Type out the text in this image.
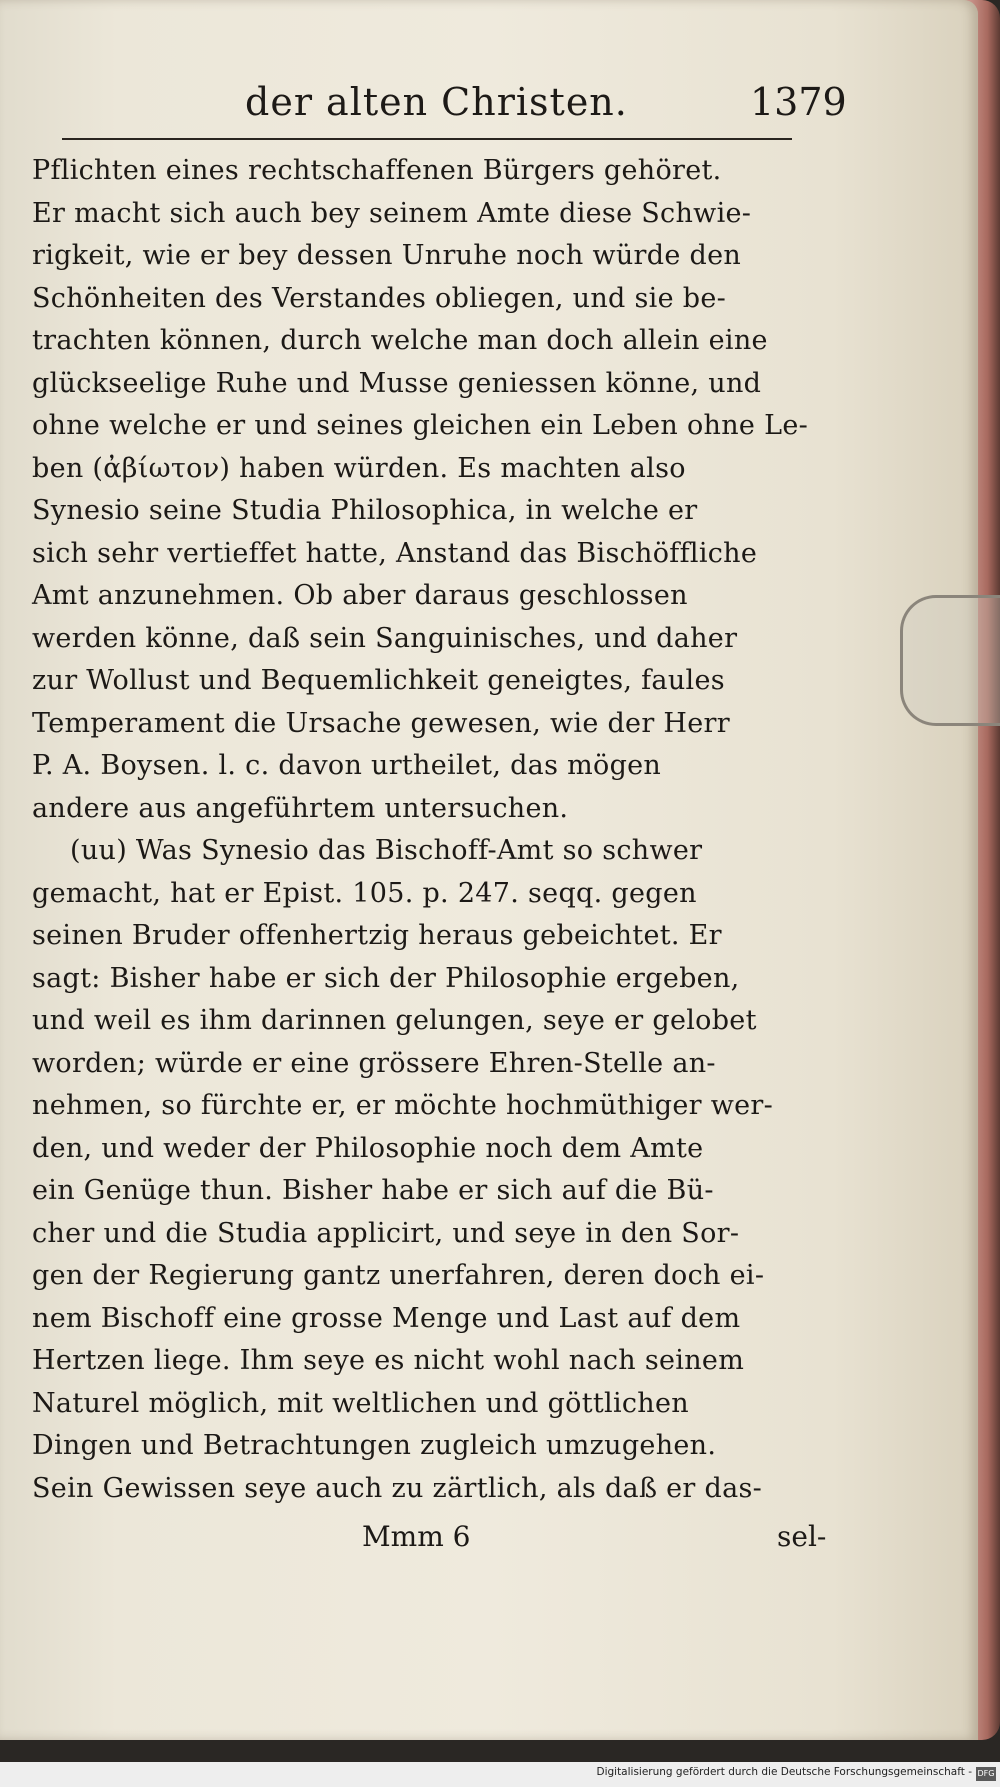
der alten Christen.	1379
Pflichten eines rechtschaffenen Bürgers gehöret.
Er macht sich auch bey seinem Amte diese Schwie-
rigkeit, wie er bey dessen Unruhe noch würde den
Schönheiten des Verstandes obliegen, und sie be-
trachten können, durch welche man doch allein eine
glückseelige Ruhe und Musse geniessen könne, und
ohne welche er und seines gleichen ein Leben ohne Le-
ben (ἀβίωτον) haben würden. Es machten also
Synesio seine Studia Philosophica, in welche er
sich sehr vertieffet hatte, Anstand das Bischöffliche
Amt anzunehmen. Ob aber daraus geschlossen
werden könne, daß sein Sanguinisches, und daher
zur Wollust und Bequemlichkeit geneigtes, faules
Temperament die Ursache gewesen, wie der Herr
P. A. Boysen. l. c. davon urtheilet, das mögen
andere aus angeführtem untersuchen.
(uu) Was Synesio das Bischoff-Amt so schwer
gemacht, hat er Epist. 105. p. 247. seqq. gegen
seinen Bruder offenhertzig heraus gebeichtet. Er
sagt: Bisher habe er sich der Philosophie ergeben,
und weil es ihm darinnen gelungen, seye er gelobet
worden; würde er eine grössere Ehren-Stelle an-
nehmen, so fürchte er, er möchte hochmüthiger wer-
den, und weder der Philosophie noch dem Amte
ein Genüge thun. Bisher habe er sich auf die Bü-
cher und die Studia applicirt, und seye in den Sor-
gen der Regierung gantz unerfahren, deren doch ei-
nem Bischoff eine grosse Menge und Last auf dem
Hertzen liege. Ihm seye es nicht wohl nach seinem
Naturel möglich, mit weltlichen und göttlichen
Dingen und Betrachtungen zugleich umzugehen.
Sein Gewissen seye auch zu zärtlich, als daß er das-
Mmm 6	sel-
Digitalisierung gefördert durch die Deutsche Forschungsgemeinschaft - DFG
